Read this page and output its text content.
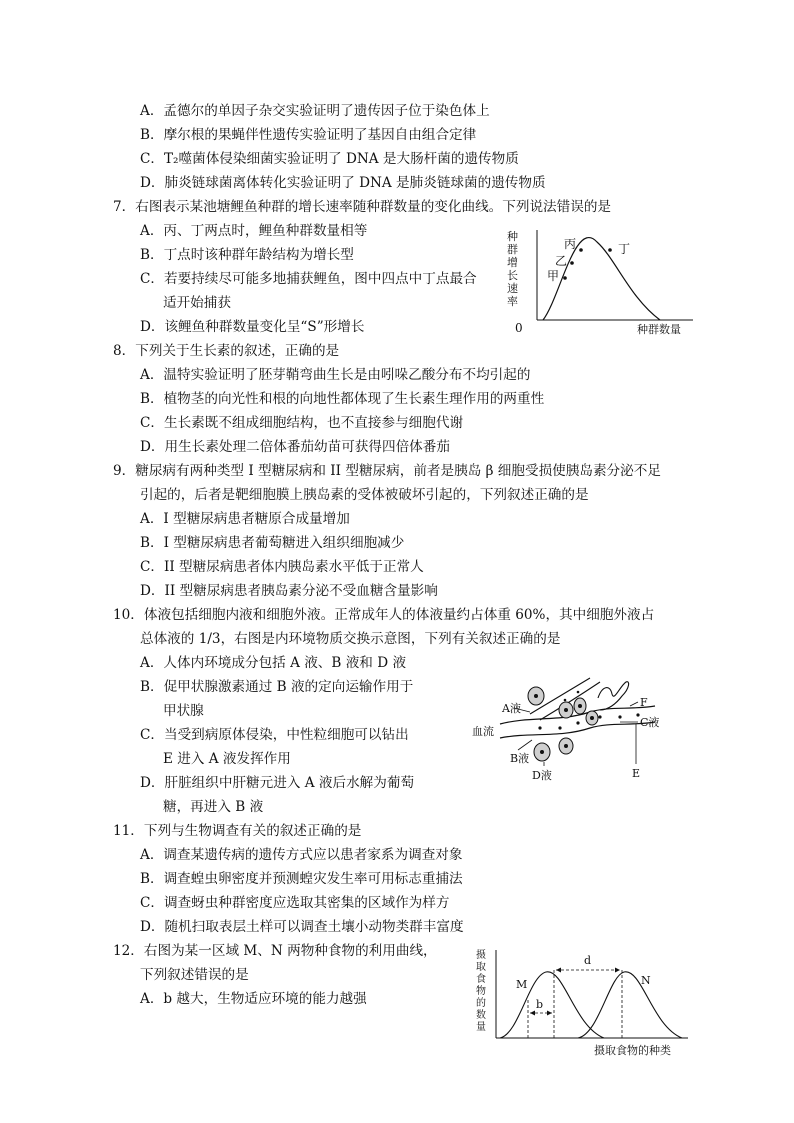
A．孟德尔的单因子杂交实验证明了遗传因子位于染色体上
B．摩尔根的果蝇伴性遗传实验证明了基因自由组合定律
C．T₂噬菌体侵染细菌实验证明了 DNA 是大肠杆菌的遗传物质
D．肺炎链球菌离体转化实验证明了 DNA 是肺炎链球菌的遗传物质
7．右图表示某池塘鲤鱼种群的增长速率随种群数量的变化曲线。下列说法错误的是
A．丙、丁两点时，鲤鱼种群数量相等
B．丁点时该种群年龄结构为增长型
C．若要持续尽可能多地捕获鲤鱼，图中四点中丁点最合
适开始捕获
D．该鲤鱼种群数量变化呈“S”形增长
种
群
增
长
速
率
甲
乙
丙	丁
0	种群数量
8．下列关于生长素的叙述，正确的是
A．温特实验证明了胚芽鞘弯曲生长是由吲哚乙酸分布不均引起的
B．植物茎的向光性和根的向地性都体现了生长素生理作用的两重性
C．生长素既不组成细胞结构，也不直接参与细胞代谢
D．用生长素处理二倍体番茄幼苗可获得四倍体番茄
9．糖尿病有两种类型 I 型糖尿病和 II 型糖尿病，前者是胰岛 β 细胞受损使胰岛素分泌不足
引起的，后者是靶细胞膜上胰岛素的受体被破坏引起的，下列叙述正确的是
A．I 型糖尿病患者糖原合成量增加
B．I 型糖尿病患者葡萄糖进入组织细胞减少
C．II 型糖尿病患者体内胰岛素水平低于正常人
D．II 型糖尿病患者胰岛素分泌不受血糖含量影响
10．体液包括细胞内液和细胞外液。正常成年人的体液量约占体重 60%，其中细胞外液占
总体液的 1/3，右图是内环境物质交换示意图，下列有关叙述正确的是
A．人体内环境成分包括 A 液、B 液和 D 液
B．促甲状腺激素通过 B 液的定向运输作用于
甲状腺
C．当受到病原体侵染，中性粒细胞可以钻出
E 进入 A 液发挥作用
D．肝脏组织中肝糖元进入 A 液后水解为葡萄
糖，再进入 B 液
A液
血流
B液
D液
F
C液
E
11．下列与生物调查有关的叙述正确的是
A．调查某遗传病的遗传方式应以患者家系为调查对象
B．调查蝗虫卵密度并预测蝗灾发生率可用标志重捕法
C．调查蚜虫种群密度应选取其密集的区域作为样方
D．随机扫取表层土样可以调查土壤小动物类群丰富度
12．右图为某一区域 M、N 两物种食物的利用曲线，
下列叙述错误的是
A．b 越大，生物适应环境的能力越强
摄
取
食
物
的
数
量
M	N
d
b
摄取食物的种类
